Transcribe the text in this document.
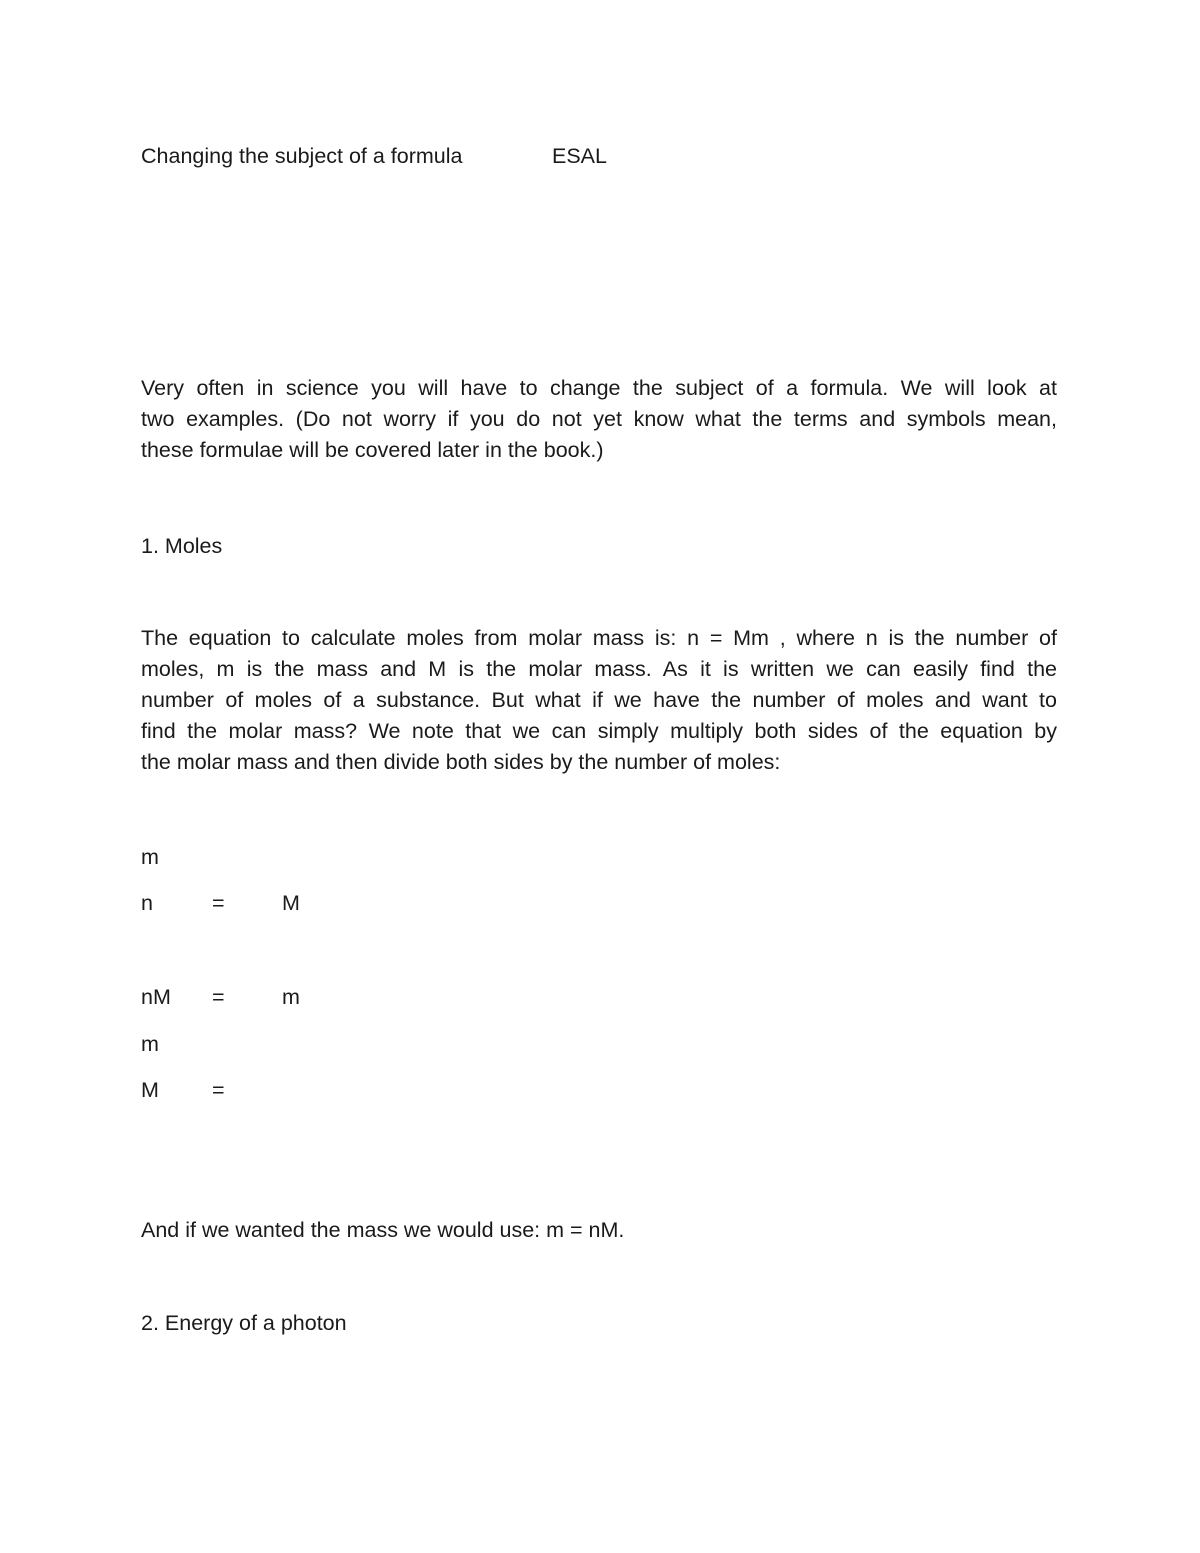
Changing the subject of a formula	ESAL
Very often in science you will have to change the subject of a formula. We will look at
two examples. (Do not worry if you do not yet know what the terms and symbols mean,
these formulae will be covered later in the book.)
1. Moles
The equation to calculate moles from molar mass is: n = Mm , where n is the number of
moles, m is the mass and M is the molar mass. As it is written we can easily find the
number of moles of a substance. But what if we have the number of moles and want to
find the molar mass? We note that we can simply multiply both sides of the equation by
the molar mass and then divide both sides by the number of moles:
m
n	=	M
nM =	m
m
M =
And if we wanted the mass we would use: m = nM.
2. Energy of a photon
